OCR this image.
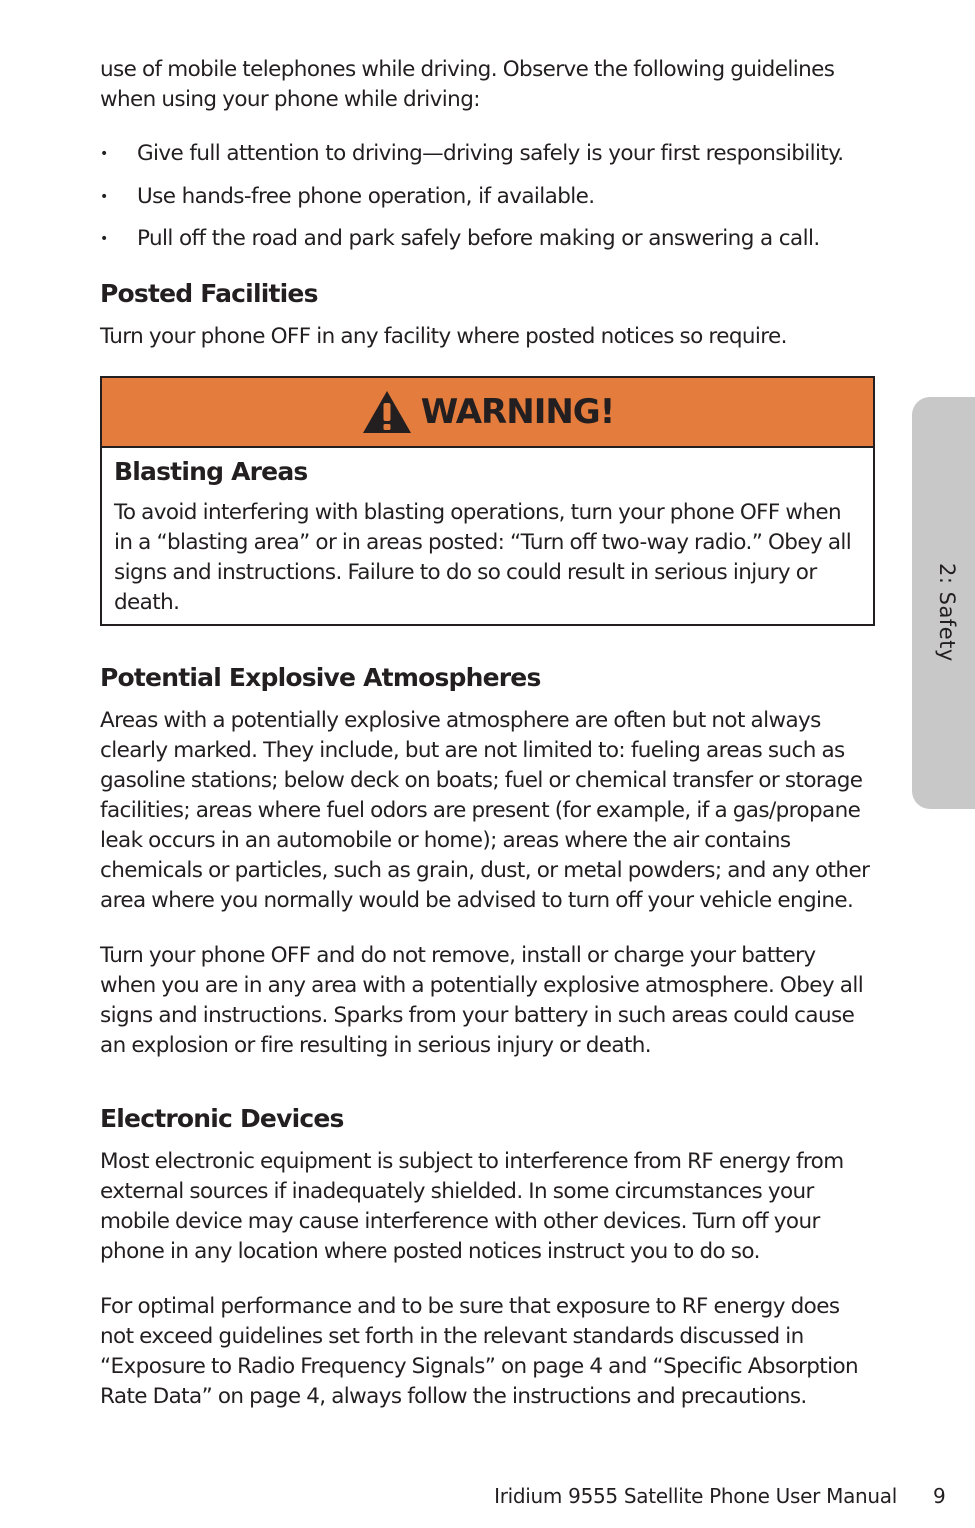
2: Safety

use of mobile telephones while driving. Observe the following guidelines when using your phone while driving:

• Give full attention to driving—driving safely is your first responsibility.
• Use hands-free phone operation, if available.
• Pull off the road and park safely before making or answering a call.
Posted Facilities

Turn your phone OFF in any facility where posted notices so require.

WARNING!
Blasting Areas

To avoid interfering with blasting operations, turn your phone OFF when in a “blasting area” or in areas posted: “Turn off two-way radio.” Obey all signs and instructions. Failure to do so could result in serious injury or death.

Potential Explosive Atmospheres

Areas with a potentially explosive atmosphere are often but not always clearly marked. They include, but are not limited to: fueling areas such as gasoline stations; below deck on boats; fuel or chemical transfer or storage facilities; areas where fuel odors are present (for example, if a gas/propane leak occurs in an automobile or home); areas where the air contains chemicals or particles, such as grain, dust, or metal powders; and any other area where you normally would be advised to turn off your vehicle engine.

Turn your phone OFF and do not remove, install or charge your battery when you are in any area with a potentially explosive atmosphere. Obey all signs and instructions. Sparks from your battery in such areas could cause an explosion or fire resulting in serious injury or death.

Electronic Devices

Most electronic equipment is subject to interference from RF energy from external sources if inadequately shielded. In some circumstances your mobile device may cause interference with other devices. Turn off your phone in any location where posted notices instruct you to do so.

For optimal performance and to be sure that exposure to RF energy does not exceed guidelines set forth in the relevant standards discussed in “Exposure to Radio Frequency Signals” on page 4 and “Specific Absorption Rate Data” on page 4, always follow the instructions and precautions.

Iridium 9555 Satellite Phone User Manual 9
